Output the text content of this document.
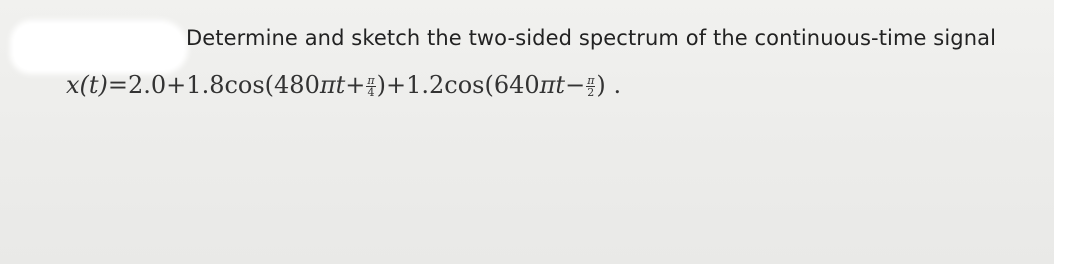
Determine and sketch the two-sided spectrum of the continuous-time signal
$x(t)=2.0+1.8\cos(480\pi t+ \frac{\pi}{4} )+1.2\cos(640\pi t- \frac{\pi}{2}$ ) .
